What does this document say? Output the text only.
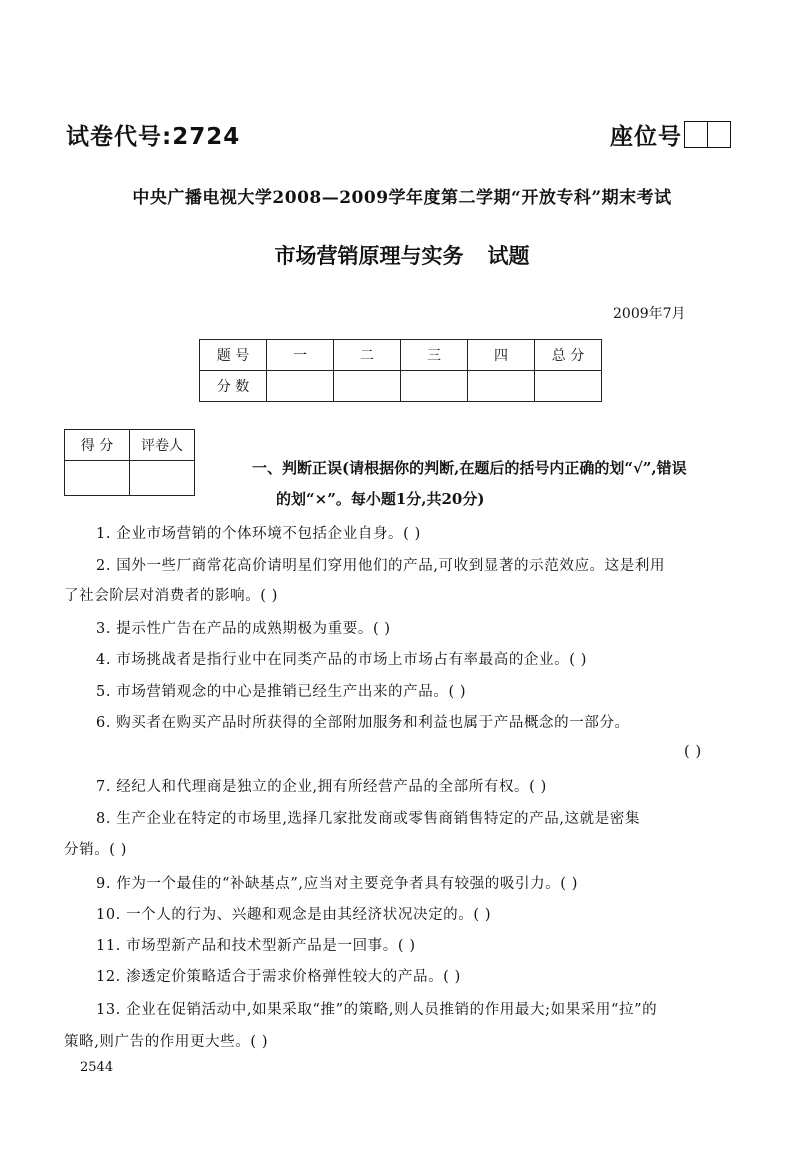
试卷代号:2724	座位号
中央广播电视大学2008—2009学年度第二学期“开放专科”期末考试
市场营销原理与实务 试题
2009年7月
题 号	一	二	三	四	总 分
分 数					
得 分	评卷人

一、判断正误(请根据你的判断,在题后的括号内正确的划“√”,错误
的划“×”。每小题1分,共20分)
1. 企业市场营销的个体环境不包括企业自身。( )
2. 国外一些厂商常花高价请明星们穿用他们的产品,可收到显著的示范效应。这是利用
了社会阶层对消费者的影响。( )
3. 提示性广告在产品的成熟期极为重要。( )
4. 市场挑战者是指行业中在同类产品的市场上市场占有率最高的企业。( )
5. 市场营销观念的中心是推销已经生产出来的产品。( )
6. 购买者在购买产品时所获得的全部附加服务和利益也属于产品概念的一部分。
( )
7. 经纪人和代理商是独立的企业,拥有所经营产品的全部所有权。( )
8. 生产企业在特定的市场里,选择几家批发商或零售商销售特定的产品,这就是密集
分销。( )
9. 作为一个最佳的“补缺基点”,应当对主要竞争者具有较强的吸引力。( )
10. 一个人的行为、兴趣和观念是由其经济状况决定的。( )
11. 市场型新产品和技术型新产品是一回事。( )
12. 渗透定价策略适合于需求价格弹性较大的产品。( )
13. 企业在促销活动中,如果采取“推”的策略,则人员推销的作用最大;如果采用“拉”的
策略,则广告的作用更大些。( )
2544
